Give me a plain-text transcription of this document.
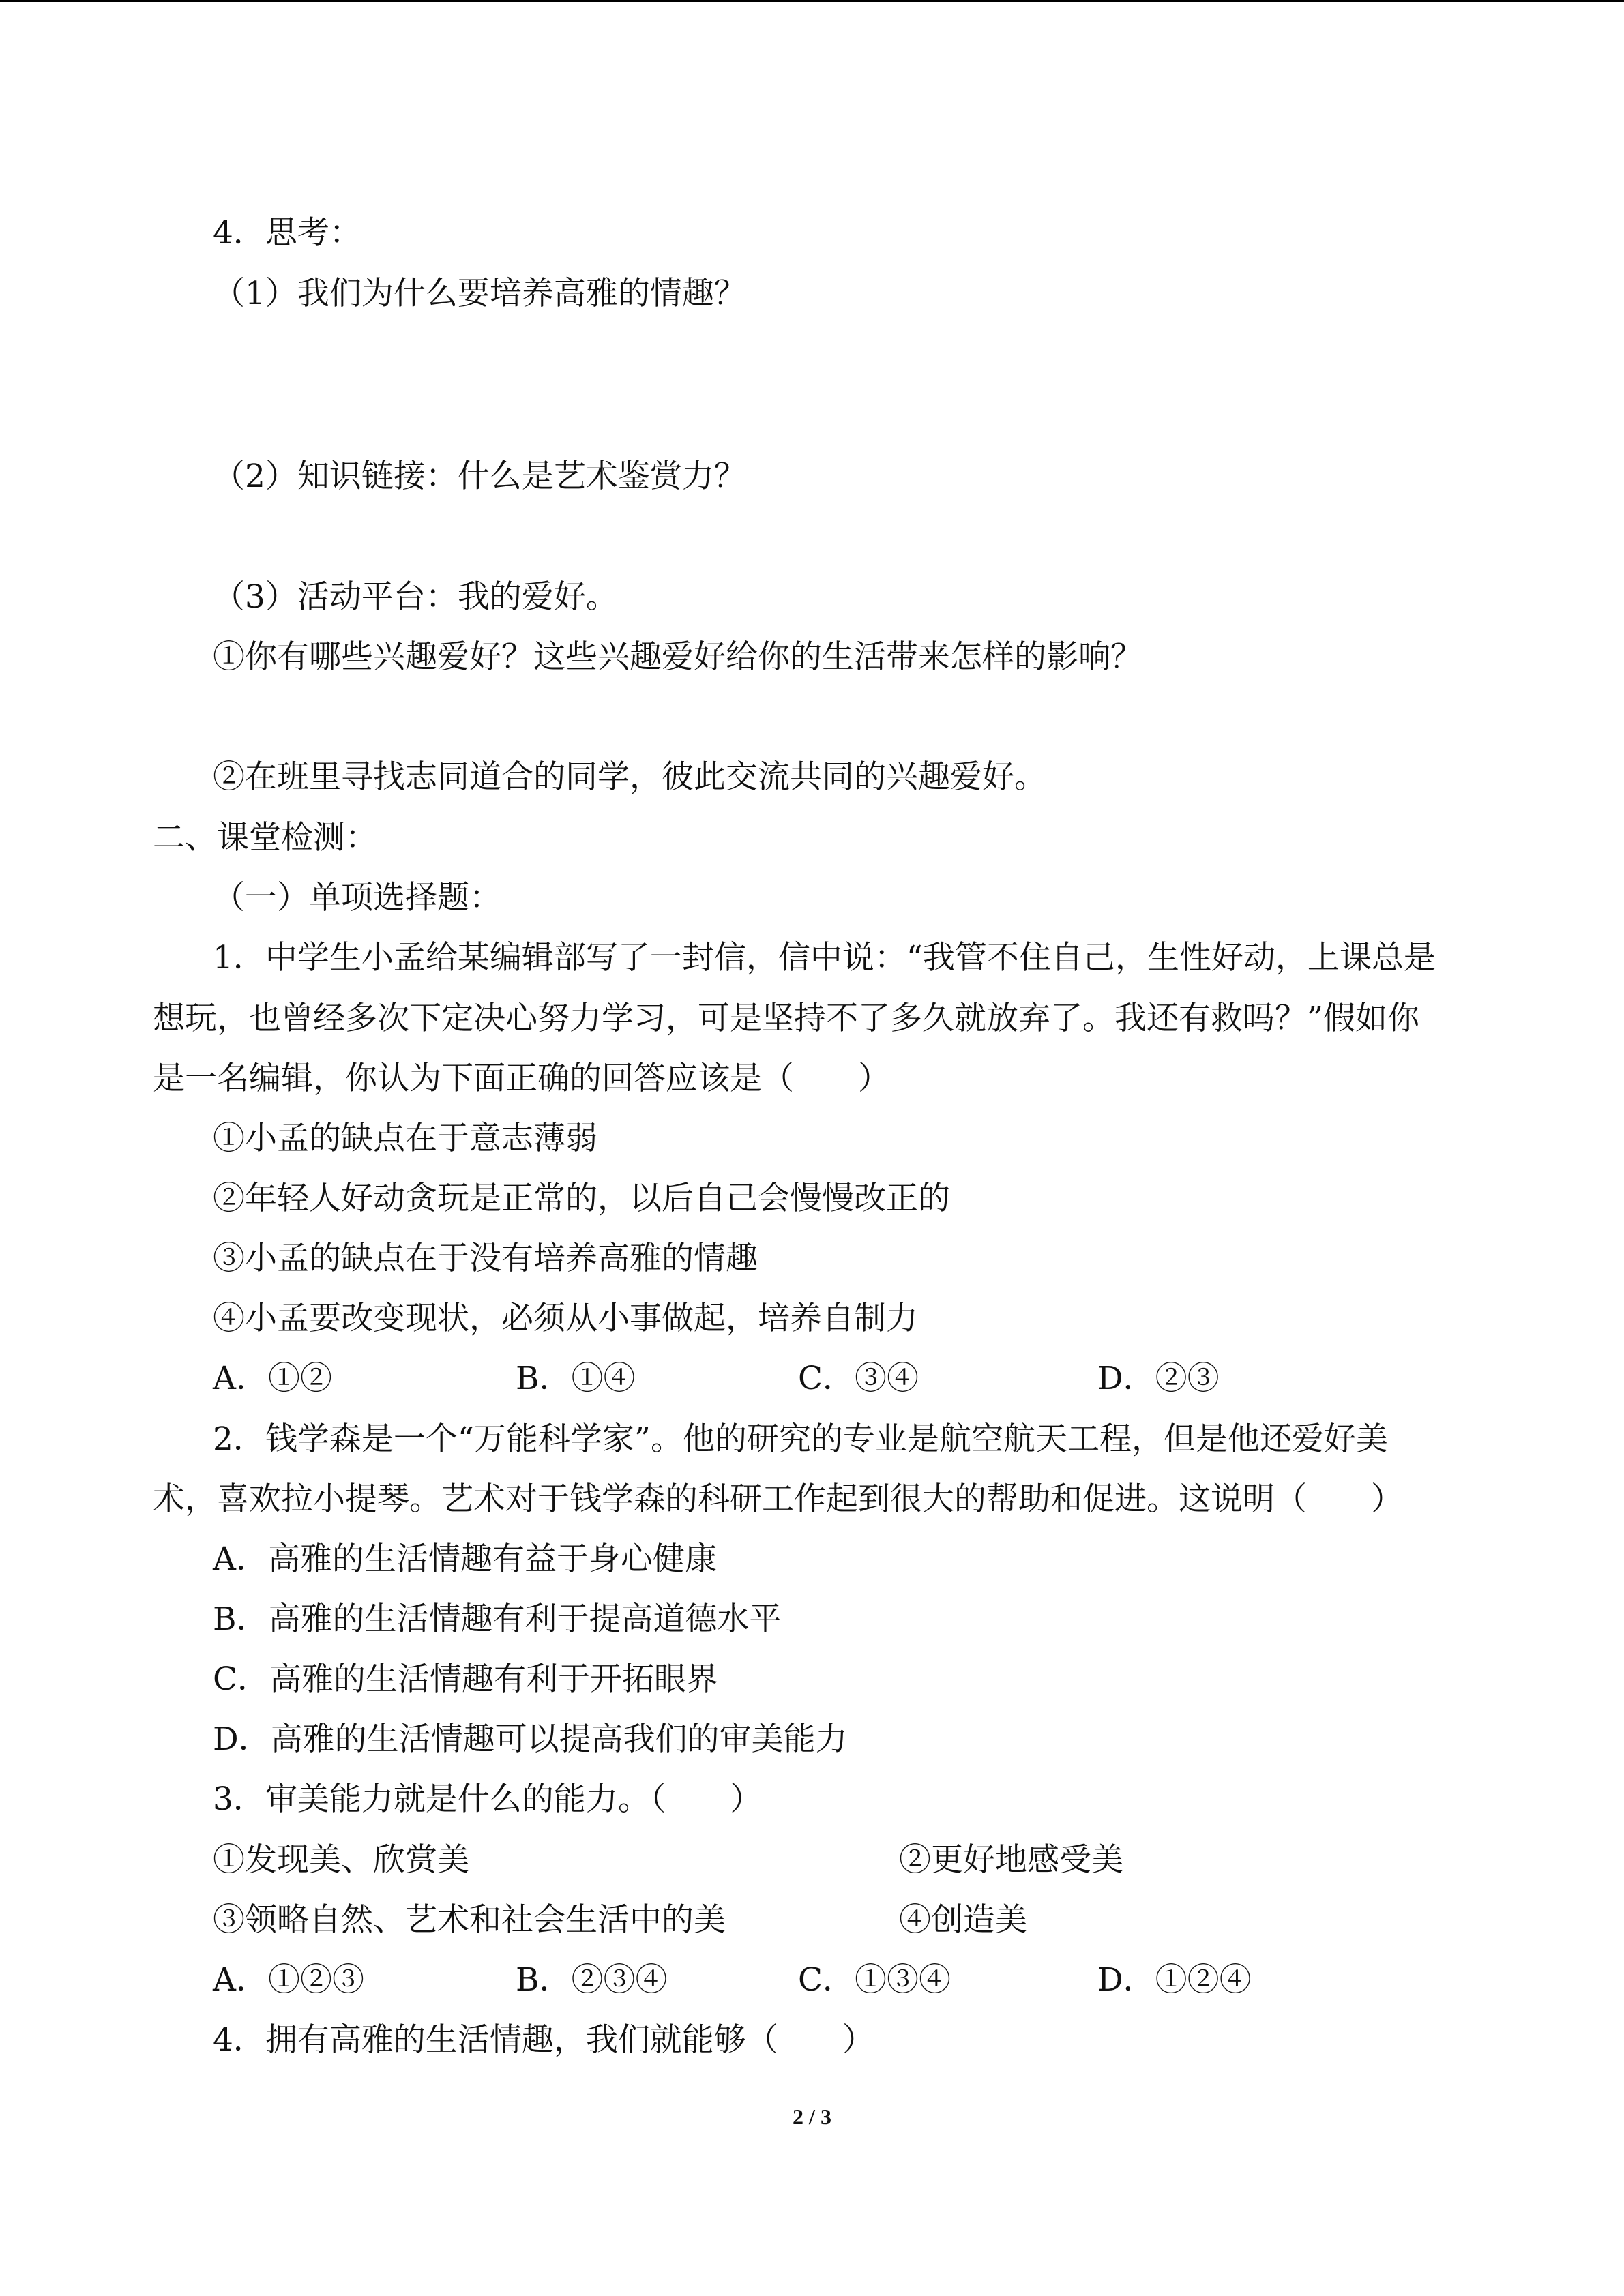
4．思考：

（1）我们为什么要培养高雅的情趣？

（2）知识链接：什么是艺术鉴赏力？

（3）活动平台：我的爱好。

①你有哪些兴趣爱好？这些兴趣爱好给你的生活带来怎样的影响？

②在班里寻找志同道合的同学，彼此交流共同的兴趣爱好。

二、课堂检测：

（一）单项选择题：

1．中学生小孟给某编辑部写了一封信，信中说：“我管不住自己，生性好动，上课总是

想玩，也曾经多次下定决心努力学习，可是坚持不了多久就放弃了。我还有救吗？”假如你

是一名编辑，你认为下面正确的回答应该是（　　）

①小孟的缺点在于意志薄弱

②年轻人好动贪玩是正常的，以后自己会慢慢改正的

③小孟的缺点在于没有培养高雅的情趣

④小孟要改变现状，必须从小事做起，培养自制力

A．①②	B．①④	C．③④	D．②③

2．钱学森是一个“万能科学家”。他的研究的专业是航空航天工程，但是他还爱好美

术，喜欢拉小提琴。艺术对于钱学森的科研工作起到很大的帮助和促进。这说明（　　）

A．高雅的生活情趣有益于身心健康

B．高雅的生活情趣有利于提高道德水平

C．高雅的生活情趣有利于开拓眼界

D．高雅的生活情趣可以提高我们的审美能力

3．审美能力就是什么的能力。（　　）

①发现美、欣赏美	②更好地感受美

③领略自然、艺术和社会生活中的美	④创造美

A．①②③	B．②③④	C．①③④	D．①②④

4．拥有高雅的生活情趣，我们就能够（　　）

2 / 3
